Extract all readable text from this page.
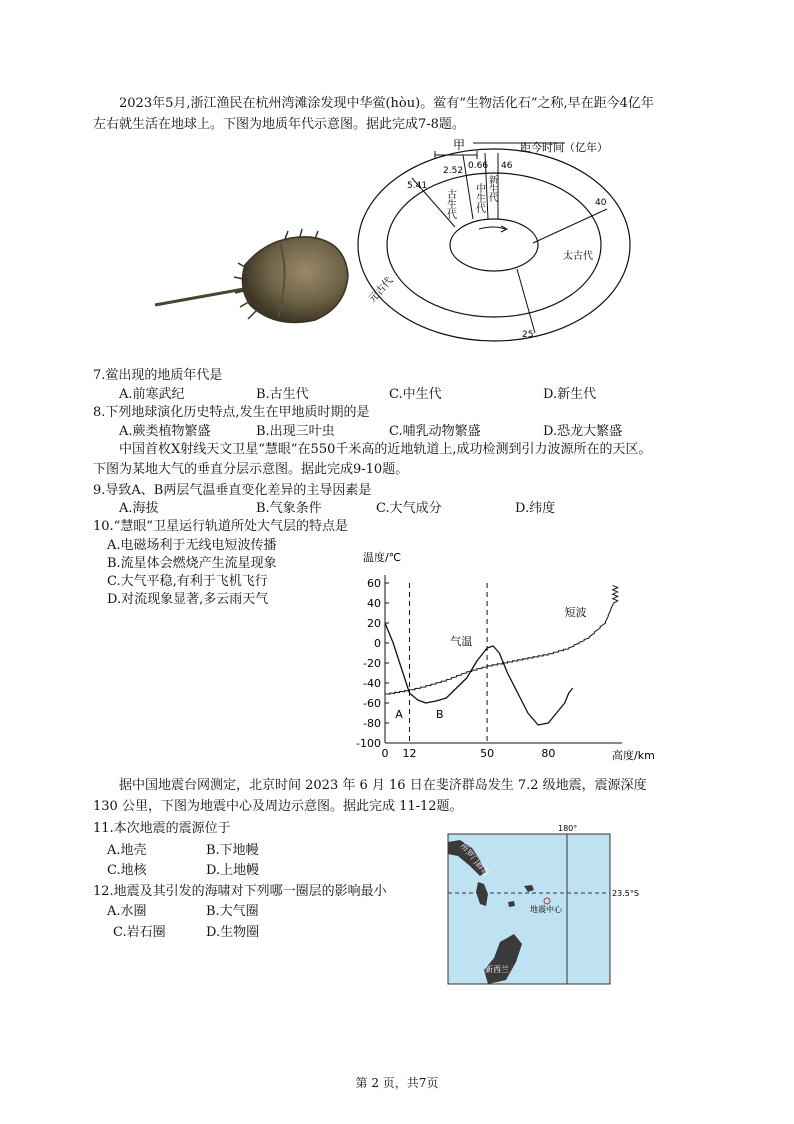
2023年5月,浙江渔民在杭州湾滩涂发现中华鲎(hòu)。鲎有“生物活化石”之称,早在距今4亿年
左右就生活在地球上。下图为地质年代示意图。据此完成7-8题。
甲	距今时间（亿年）
5.41
2.52 0.66 46
40
25
古生代 中生代 新生代
太古代
元古代
7.鲎出现的地质年代是
A.前寒武纪	B.古生代	C.中生代	D.新生代
8.下列地球演化历史特点,发生在甲地质时期的是
A.蕨类植物繁盛	B.出现三叶虫	C.哺乳动物繁盛	D.恐龙大繁盛
中国首枚X射线天文卫星“慧眼”在550千米高的近地轨道上,成功检测到引力波源所在的天区。
下图为某地大气的垂直分层示意图。据此完成9-10题。
9.导致A、B两层气温垂直变化差异的主导因素是
A.海拔	B.气象条件	C.大气成分	D.纬度
10.“慧眼”卫星运行轨道所处大气层的特点是
A.电磁场利于无线电短波传播
B.流星体会燃烧产生流星现象
C.大气平稳,有利于飞机飞行
D.对流现象显著,多云雨天气
温度/℃
高度/km
A	B
气温
短波
60
40
20
0
-20
-40
-60
-80
-100
0 12	50	80
据中国地震台网测定，北京时间 2023 年 6 月 16 日在斐济群岛发生 7.2 级地震，震源深度
130 公里，下图为地震中心及周边示意图。据此完成 11-12题。
11.本次地震的震源位于
A.地壳	B.下地幔
C.地核	D.上地幔
12.地震及其引发的海啸对下列哪一圈层的影响最小
A.水圈	B.大气圈
C.岩石圈	D.生物圈
180°
23.5°S
所罗门群岛
地震中心
新西兰
第 2 页，共7页
